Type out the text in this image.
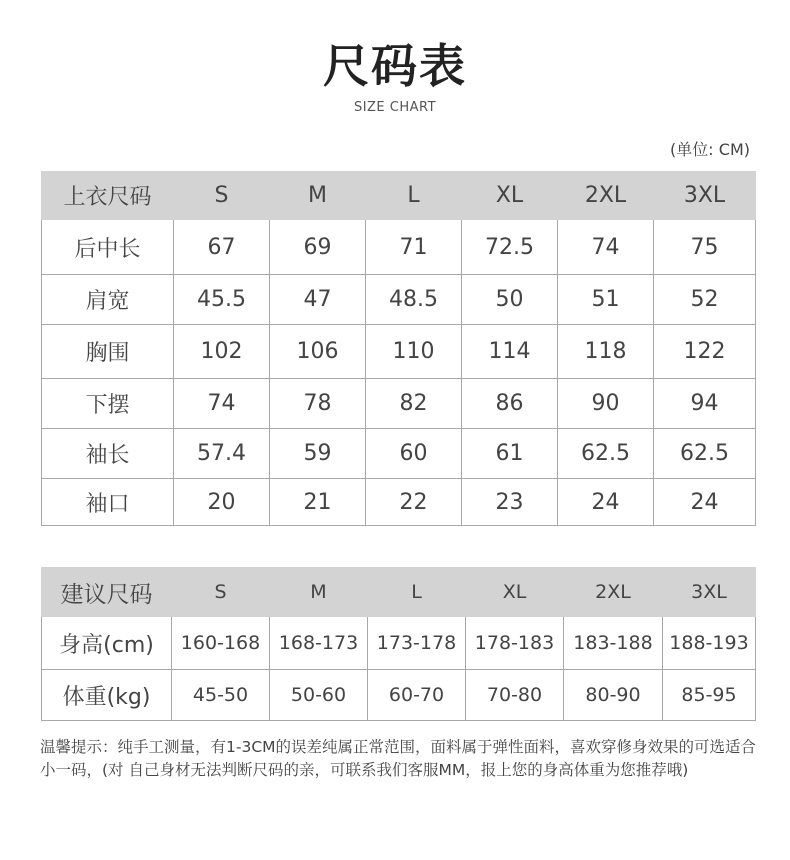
尺码表
SIZE CHART
(单位: CM)
上衣尺码	S	M	L	XL	2XL	3XL
后中长	67	69	71	72.5	74	75
肩宽	45.5	47	48.5	50	51	52
胸围	102	106	110	114	118	122
下摆	74	78	82	86	90	94
袖长	57.4	59	60	61	62.5	62.5
袖口	20	21	22	23	24	24
建议尺码	S	M	L	XL	2XL	3XL
身高(cm)	160-168	168-173	173-178	178-183	183-188	188-193
体重(kg)	45-50	50-60	60-70	70-80	80-90	85-95
温馨提示：纯手工测量，有1-3CM的误差纯属正常范围，面料属于弹性面料，喜欢穿修身效果的可选适合小一码，(对 自己身材无法判断尺码的亲，可联系我们客服MM，报上您的身高体重为您推荐哦)
